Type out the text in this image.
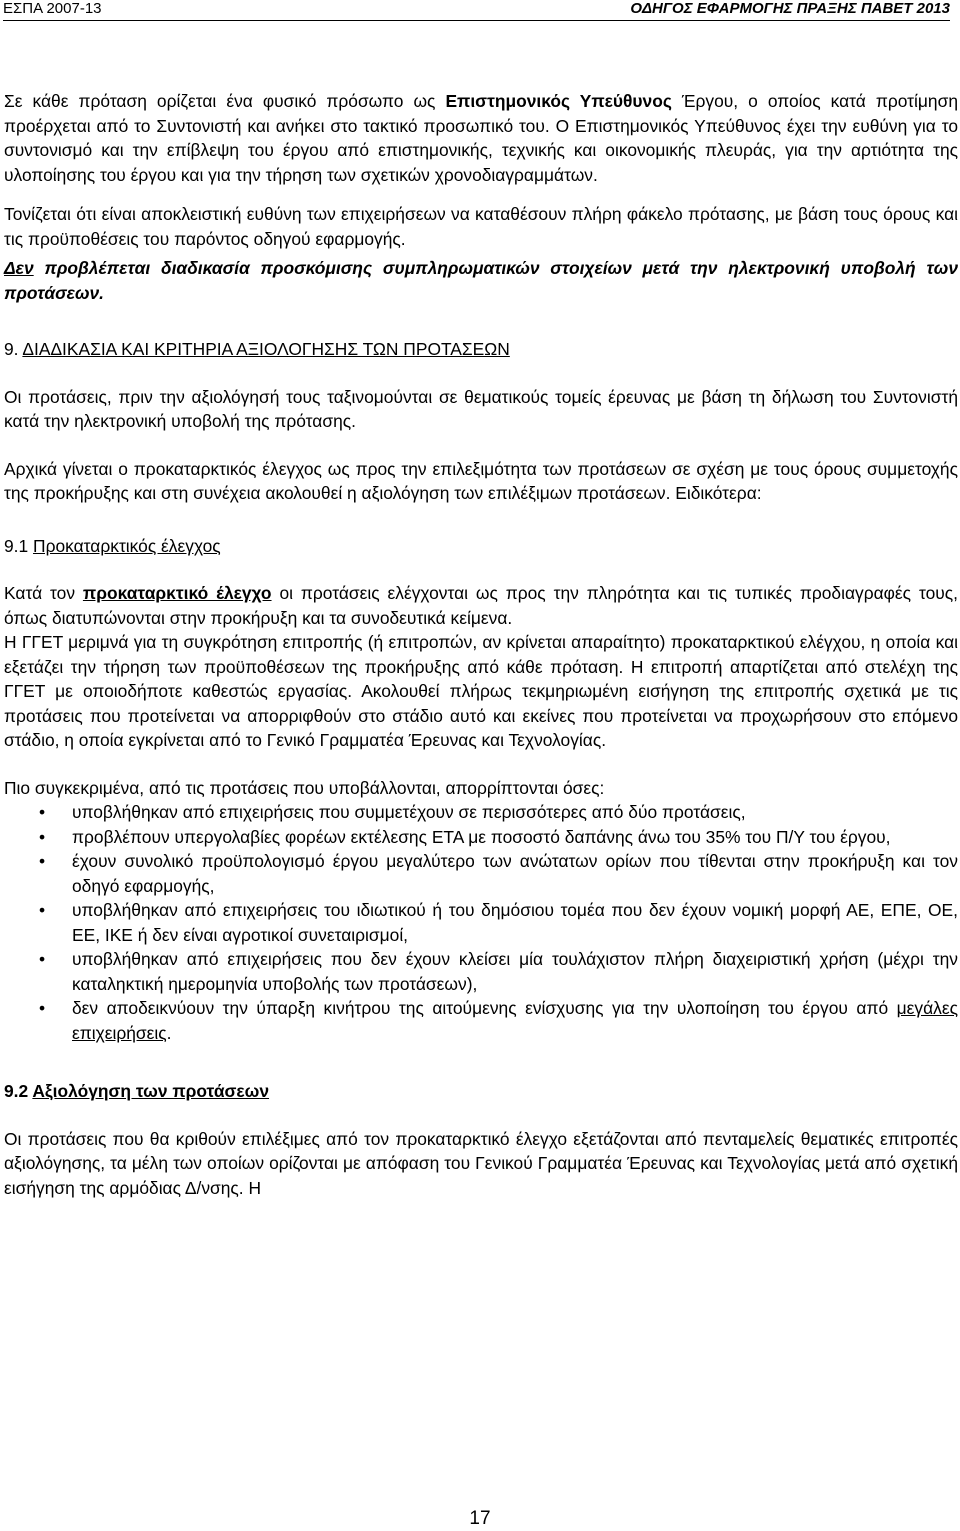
ΕΣΠΑ 2007-13	ΟΔΗΓΟΣ ΕΦΑΡΜΟΓΗΣ ΠΡΑΞΗΣ ΠΑΒΕΤ 2013

Σε κάθε πρόταση ορίζεται ένα φυσικό πρόσωπο ως Επιστημονικός Υπεύθυνος Έργου, ο οποίος κατά προτίμηση προέρχεται από το Συντονιστή και ανήκει στο τακτικό προσωπικό του. Ο Επιστημονικός Υπεύθυνος έχει την ευθύνη για το συντονισμό και την επίβλεψη του έργου από επιστημονικής, τεχνικής και οικονομικής πλευράς, για την αρτιότητα της υλοποίησης του έργου και για την τήρηση των σχετικών χρονοδιαγραμμάτων.

Τονίζεται ότι είναι αποκλειστική ευθύνη των επιχειρήσεων να καταθέσουν πλήρη φάκελο πρότασης, με βάση τους όρους και τις προϋποθέσεις του παρόντος οδηγού εφαρμογής.

Δεν προβλέπεται διαδικασία προσκόμισης συμπληρωματικών στοιχείων μετά την ηλεκτρονική υποβολή των προτάσεων.

9. ΔΙΑΔΙΚΑΣΙΑ ΚΑΙ ΚΡΙΤΗΡΙΑ ΑΞΙΟΛΟΓΗΣΗΣ ΤΩΝ ΠΡΟΤΑΣΕΩΝ

Οι προτάσεις, πριν την αξιολόγησή τους ταξινομούνται σε θεματικούς τομείς έρευνας με βάση τη δήλωση του Συντονιστή κατά την ηλεκτρονική υποβολή της πρότασης.

Αρχικά γίνεται ο προκαταρκτικός έλεγχος ως προς την επιλεξιμότητα των προτάσεων σε σχέση με τους όρους συμμετοχής της προκήρυξης και στη συνέχεια ακολουθεί η αξιολόγηση των επιλέξιμων προτάσεων. Ειδικότερα:

9.1 Προκαταρκτικός έλεγχος

Κατά τον προκαταρκτικό έλεγχο οι προτάσεις ελέγχονται ως προς την πληρότητα και τις τυπικές προδιαγραφές τους, όπως διατυπώνονται στην προκήρυξη και τα συνοδευτικά κείμενα.

Η ΓΓΕΤ μεριμνά για τη συγκρότηση επιτροπής (ή επιτροπών, αν κρίνεται απαραίτητο) προκαταρκτικού ελέγχου, η οποία και εξετάζει την τήρηση των προϋποθέσεων της προκήρυξης από κάθε πρόταση. Η επιτροπή απαρτίζεται από στελέχη της ΓΓΕΤ με οποιοδήποτε καθεστώς εργασίας. Ακολουθεί πλήρως τεκμηριωμένη εισήγηση της επιτροπής σχετικά με τις προτάσεις που προτείνεται να απορριφθούν στο στάδιο αυτό και εκείνες που προτείνεται να προχωρήσουν στο επόμενο στάδιο, η οποία εγκρίνεται από το Γενικό Γραμματέα Έρευνας και Τεχνολογίας.

Πιο συγκεκριμένα, από τις προτάσεις που υποβάλλονται, απορρίπτονται όσες:

• υποβλήθηκαν από επιχειρήσεις που συμμετέχουν σε περισσότερες από δύο προτάσεις,
• προβλέπουν υπεργολαβίες φορέων εκτέλεσης ΕΤΑ με ποσοστό δαπάνης άνω του 35% του Π/Υ του έργου,
• έχουν συνολικό προϋπολογισμό έργου μεγαλύτερο των ανώτατων ορίων που τίθενται στην προκήρυξη και τον οδηγό εφαρμογής,
• υποβλήθηκαν από επιχειρήσεις του ιδιωτικού ή του δημόσιου τομέα που δεν έχουν νομική μορφή ΑΕ, ΕΠΕ, ΟΕ, ΕΕ, ΙΚΕ ή δεν είναι αγροτικοί συνεταιρισμοί,
• υποβλήθηκαν από επιχειρήσεις που δεν έχουν κλείσει μία τουλάχιστον πλήρη διαχειριστική χρήση (μέχρι την καταληκτική ημερομηνία υποβολής των προτάσεων),
• δεν αποδεικνύουν την ύπαρξη κινήτρου της αιτούμενης ενίσχυσης για την υλοποίηση του έργου από μεγάλες επιχειρήσεις.

9.2 Αξιολόγηση των προτάσεων

Οι προτάσεις που θα κριθούν επιλέξιμες από τον προκαταρκτικό έλεγχο εξετάζονται από πενταμελείς θεματικές επιτροπές αξιολόγησης, τα μέλη των οποίων ορίζονται με απόφαση του Γενικού Γραμματέα Έρευνας και Τεχνολογίας μετά από σχετική εισήγηση της αρμόδιας Δ/νσης. Η

17
